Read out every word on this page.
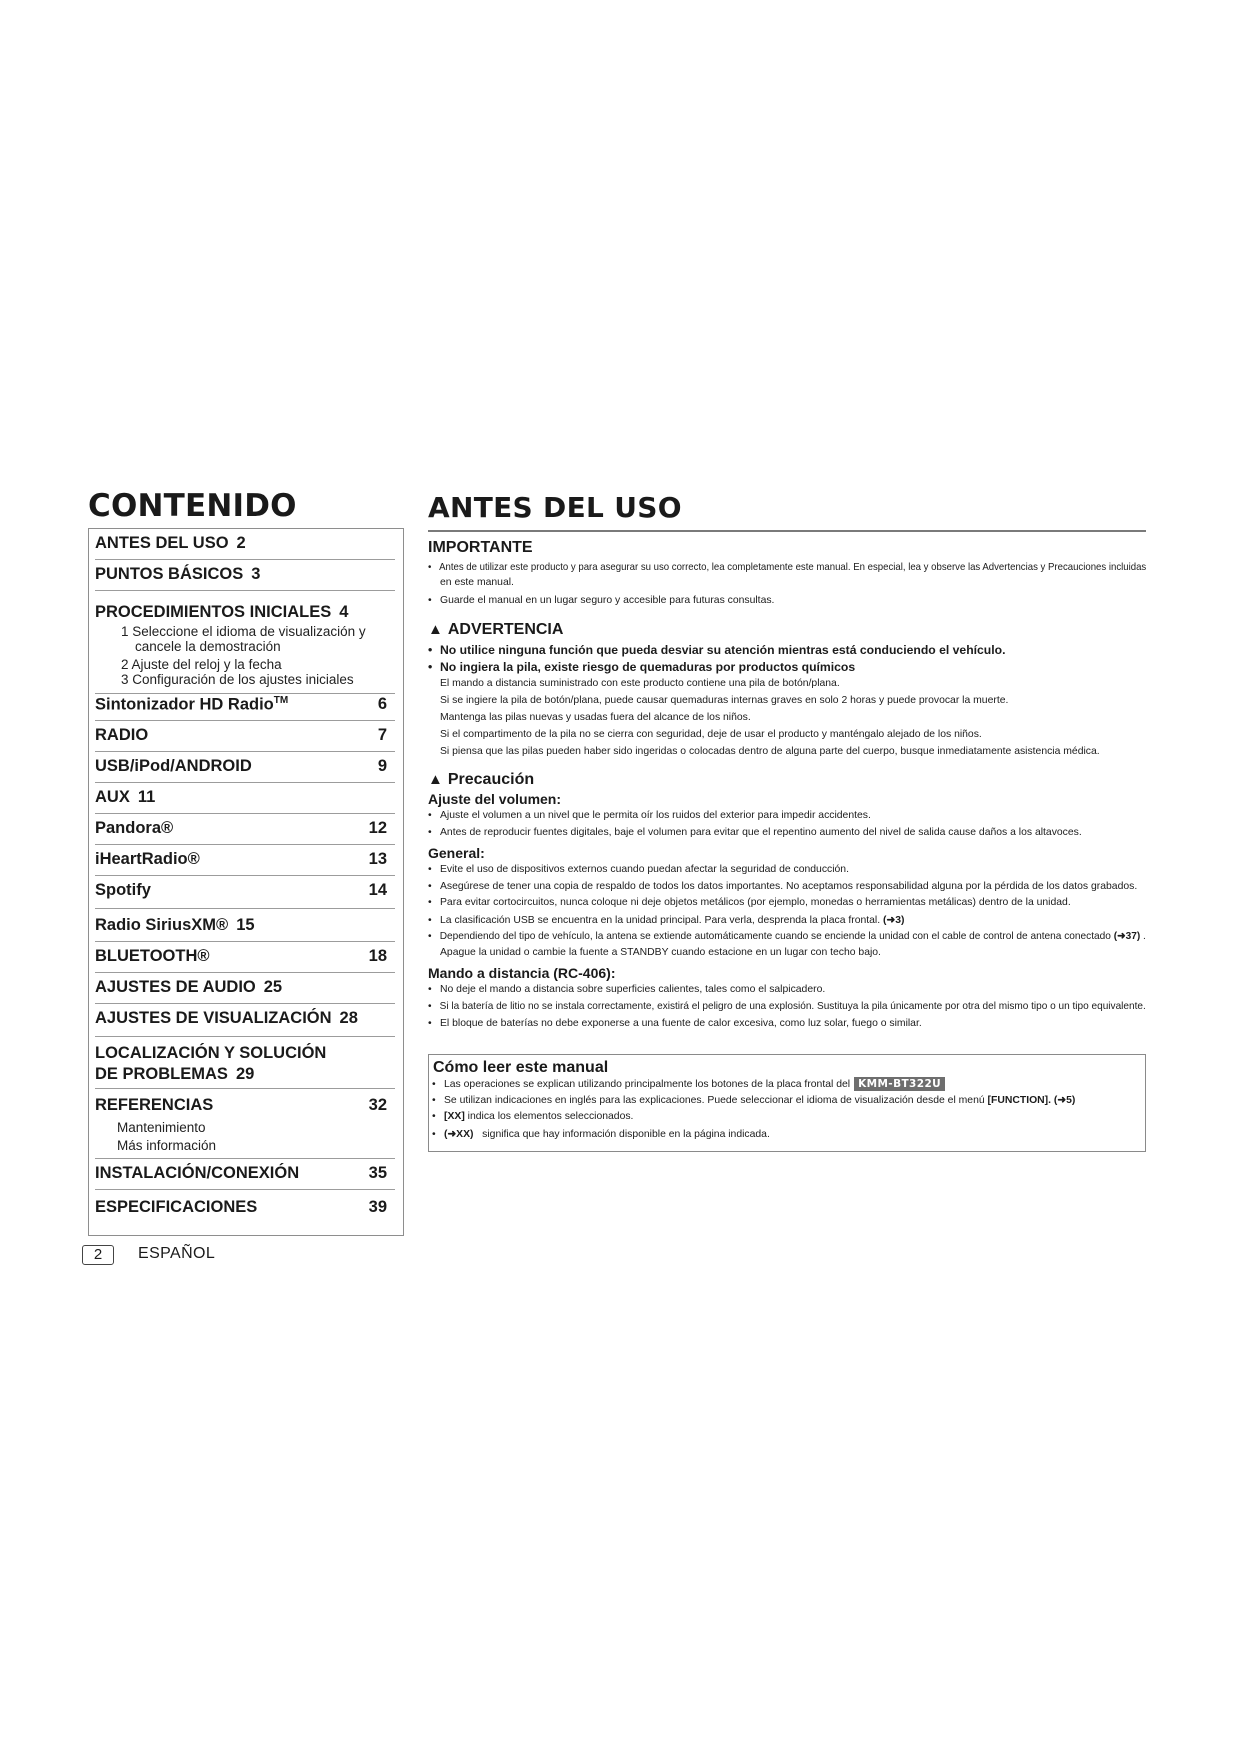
CONTENIDO
ANTES DEL USO 2
PUNTOS BÁSICOS 3
PROCEDIMIENTOS INICIALES 4
1 Seleccione el idioma de visualización y
cancele la demostración
2 Ajuste del reloj y la fecha
3 Configuración de los ajustes iniciales
Sintonizador HD Radio™	6
RADIO	7
USB/iPod/ANDROID	9
AUX 11
Pandora®	12
iHeartRadio®	13
Spotify	14
Radio SiriusXM® 15
BLUETOOTH®	18
AJUSTES DE AUDIO 25
AJUSTES DE VISUALIZACIÓN 28
LOCALIZACIÓN Y SOLUCIÓN
DE PROBLEMAS 29
REFERENCIAS	32
Mantenimiento
Más información
INSTALACIÓN/CONEXIÓN	35
ESPECIFICACIONES	39
2	ESPAÑOL
ANTES DEL USO
IMPORTANTE
• Antes de utilizar este producto y para asegurar su uso correcto, lea completamente este manual. En especial, lea y observe las Advertencias y Precauciones incluidas
en este manual.
• Guarde el manual en un lugar seguro y accesible para futuras consultas.
▲ ADVERTENCIA
• No utilice ninguna función que pueda desviar su atención mientras está conduciendo el vehículo.
• No ingiera la pila, existe riesgo de quemaduras por productos químicos
El mando a distancia suministrado con este producto contiene una pila de botón/plana.
Si se ingiere la pila de botón/plana, puede causar quemaduras internas graves en solo 2 horas y puede provocar la muerte.
Mantenga las pilas nuevas y usadas fuera del alcance de los niños.
Si el compartimento de la pila no se cierra con seguridad, deje de usar el producto y manténgalo alejado de los niños.
Si piensa que las pilas pueden haber sido ingeridas o colocadas dentro de alguna parte del cuerpo, busque inmediatamente asistencia médica.
▲ Precaución
Ajuste del volumen:
• Ajuste el volumen a un nivel que le permita oír los ruidos del exterior para impedir accidentes.
• Antes de reproducir fuentes digitales, baje el volumen para evitar que el repentino aumento del nivel de salida cause daños a los altavoces.
General:
• Evite el uso de dispositivos externos cuando puedan afectar la seguridad de conducción.
• Asegúrese de tener una copia de respaldo de todos los datos importantes. No aceptamos responsabilidad alguna por la pérdida de los datos grabados.
• Para evitar cortocircuitos, nunca coloque ni deje objetos metálicos (por ejemplo, monedas o herramientas metálicas) dentro de la unidad.
• La clasificación USB se encuentra en la unidad principal. Para verla, desprenda la placa frontal. (➜3)
• Dependiendo del tipo de vehículo, la antena se extiende automáticamente cuando se enciende la unidad con el cable de control de antena conectado (➜37) .
Apague la unidad o cambie la fuente a STANDBY cuando estacione en un lugar con techo bajo.
Mando a distancia (RC-406):
• No deje el mando a distancia sobre superficies calientes, tales como el salpicadero.
• Si la batería de litio no se instala correctamente, existirá el peligro de una explosión. Sustituya la pila únicamente por otra del mismo tipo o un tipo equivalente.
• El bloque de baterías no debe exponerse a una fuente de calor excesiva, como luz solar, fuego o similar.
Cómo leer este manual
• Las operaciones se explican utilizando principalmente los botones de la placa frontal del KMM-BT322U
• Se utilizan indicaciones en inglés para las explicaciones. Puede seleccionar el idioma de visualización desde el menú [FUNCTION]. (➜5)
• [XX] indica los elementos seleccionados.
• (➜XX) significa que hay información disponible en la página indicada.
